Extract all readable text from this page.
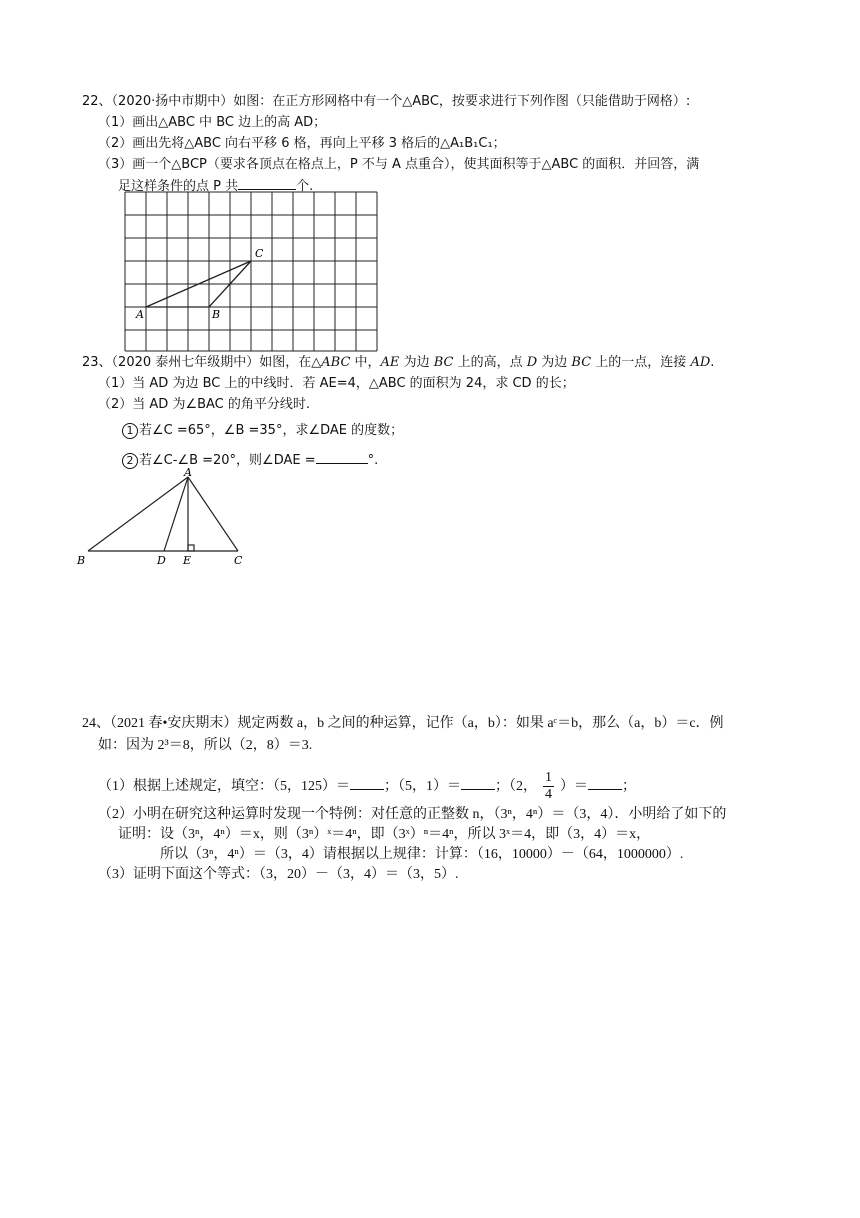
22、（2020·扬中市期中）如图：在正方形网格中有一个△ABC，按要求进行下列作图（只能借助于网格）:
（1）画出△ABC 中 BC 边上的高 AD；
（2）画出先将△ABC 向右平移 6 格，再向上平移 3 格后的△A₁B₁C₁；
（3）画一个△BCP（要求各顶点在格点上，P 不与 A 点重合），使其面积等于△ABC 的面积．并回答，满
足这样条件的点 P 共	个.
A	B
C
23、（2020 泰州七年级期中）如图，在△ABC 中，AE 为边 BC 上的高，点 D 为边 BC 上的一点，连接 AD.
（1）当 AD 为边 BC 上的中线时．若 AE=4，△ABC 的面积为 24，求 CD 的长；
（2）当 AD 为∠BAC 的角平分线时.
1 若∠C =65°，∠B =35°，求∠DAE 的度数；
2 若∠C-∠B =20°，则∠DAE =	°.
A
B	D E	C
24、（2021 春•安庆期末）规定两数 a，b 之间的种运算，记作（a，b）：如果 aᶜ＝b，那么（a，b）＝c．例
如：因为 2³＝8，所以（2，8）＝3.
（1）根据上述规定，填空：（5，125）＝ ；（5，1）＝ ；（2， $\frac{1}{4}$ ）＝ ；
（2）小明在研究这种运算时发现一个特例：对任意的正整数 n，（3ⁿ，4ⁿ）＝（3，4）．小明给了如下的
证明：设（3ⁿ，4ⁿ）＝x，则（3ⁿ）ˣ＝4ⁿ，即（3ˣ）ⁿ＝4ⁿ，所以 3ˣ＝4，即（3，4）＝x，
所以（3ⁿ，4ⁿ）＝（3，4）请根据以上规律：计算：（16，10000）－（64，1000000）.
（3）证明下面这个等式：（3，20）－（3，4）＝（3，5）.
